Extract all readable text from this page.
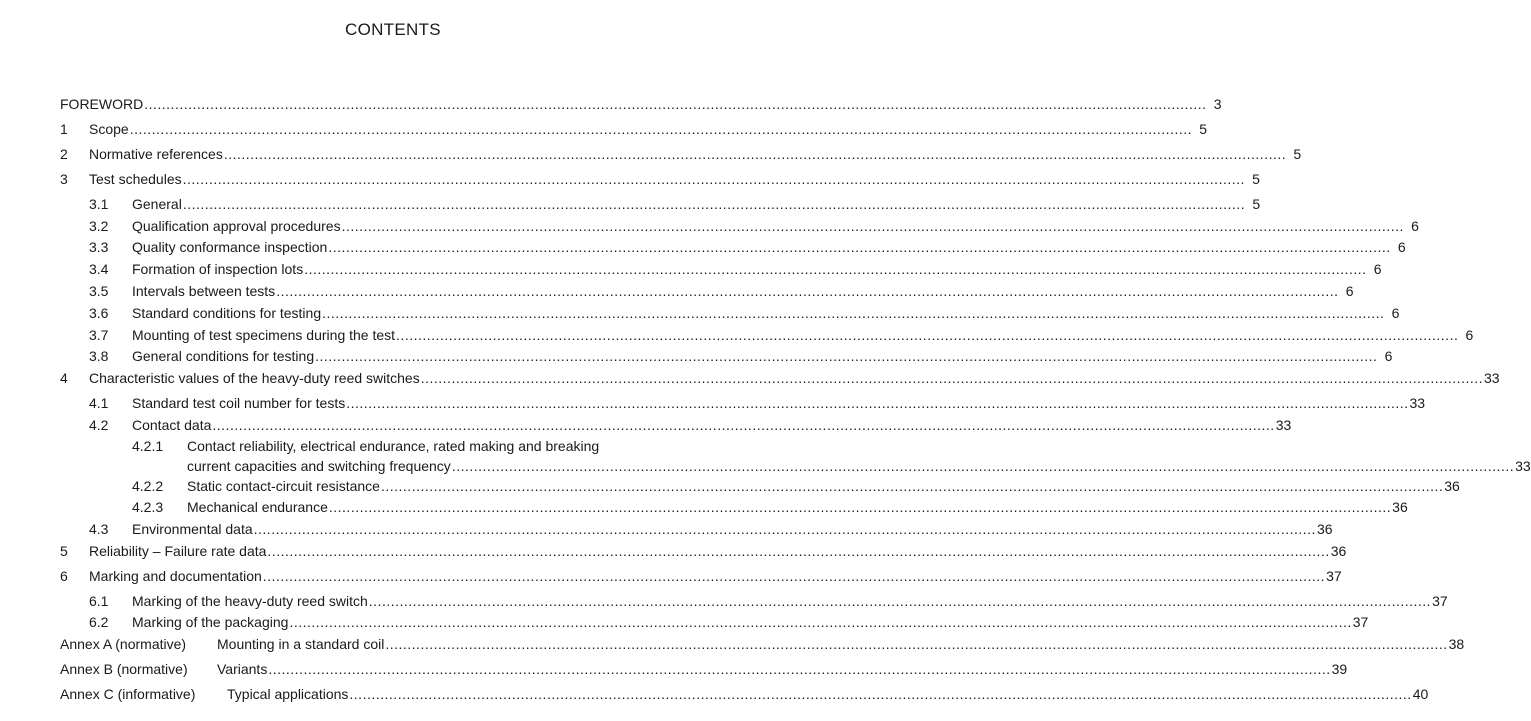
CONTENTS
FOREWORD .....	3
1 Scope .....	5
2 Normative references .....	5
3 Test schedules .....	5
3.1 General .....	5
3.2 Qualification approval procedures .....	6
3.3 Quality conformance inspection .....	6
3.4 Formation of inspection lots .....	6
3.5 Intervals between tests .....	6
3.6 Standard conditions for testing .....	6
3.7 Mounting of test specimens during the test .....	6
3.8 General conditions for testing .....	6
4 Characteristic values of the heavy-duty reed switches .....	33
4.1 Standard test coil number for tests .....	33
4.2 Contact data .....	33
4.2.1 Contact reliability, electrical endurance, rated making and breaking
current capacities and switching frequency .....	33
4.2.2 Static contact-circuit resistance .....	36
4.2.3 Mechanical endurance .....	36
4.3 Environmental data .....	36
5 Reliability – Failure rate data .....	36
6 Marking and documentation .....	37
6.1 Marking of the heavy-duty reed switch .....	37
6.2 Marking of the packaging .....	37
Annex A (normative) Mounting in a standard coil .....	38
Annex B (normative) Variants .....	39
Annex C (informative) Typical applications .....	40
